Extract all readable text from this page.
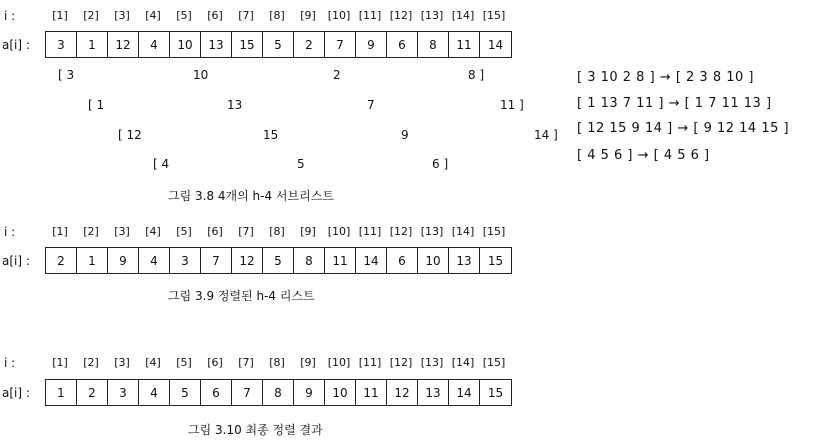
i :	[1]	[2]	[3]	[4]	[5]	[6]	[7]	[8]	[9]	[10] [11] [12] [13] [14] [15]
a[i] :	3	1	12	4	10	13	15	5	2	7	9	6	8	11	14
i :	[1]	[2]	[3]	[4]	[5]	[6]	[7]	[8]	[9]	[10] [11] [12] [13] [14] [15]
a[i] :	2	1	9	4	3	7	12	5	8	11	14	6	10	13	15
i :	[1]	[2]	[3]	[4]	[5]	[6]	[7]	[8]	[9]	[10] [11] [12] [13] [14] [15]
a[i] :	1	2	3	4	5	6	7	8	9	10	11	12	13	14	15
[ 3	10	2	8 ]
[ 1	13	7	11 ]
[ 12	15	9	14 ]
[ 4	5	6 ]
[ 3 10 2 8 ] → [ 2 3 8 10 ]
[ 1 13 7 11 ] → [ 1 7 11 13 ]
[ 12 15 9 14 ] → [ 9 12 14 15 ]
[ 4 5 6 ] → [ 4 5 6 ]
그림 3.8 4개의 h-4 서브리스트
그림 3.9 정렬된 h-4 리스트
그림 3.10 최종 정렬 결과
